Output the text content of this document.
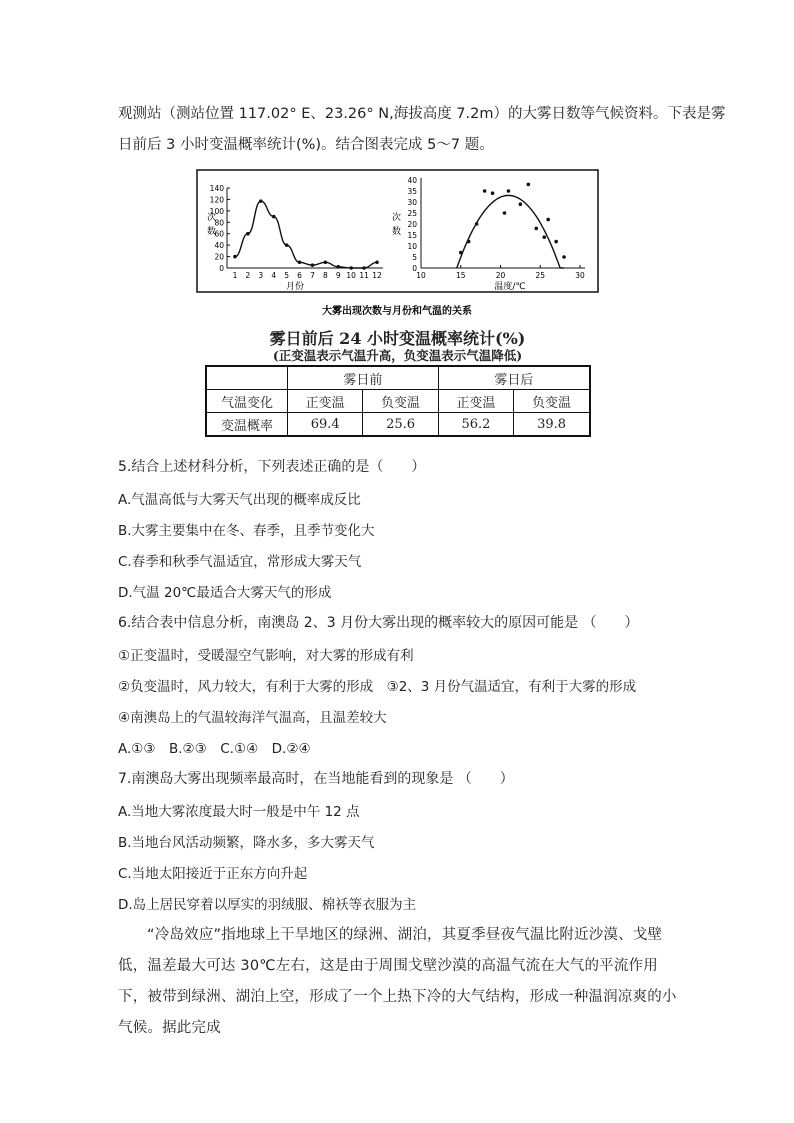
观测站（测站位置 117.02° E、23.26° N,海拔高度 7.2m）的大雾日数等气候资料。下表是雾
日前后 3 小时变温概率统计(%)。结合图表完成 5～7 题。
140
120
100
80
60
40
20
0
1 2 3 4 5 6 7 8 9 10 11 12
次
数
月份
40
35
30
25
20
15
10
5
0
10	15	20	25	30
次
数
温度/℃
大雾出现次数与月份和气温的关系
雾日前后 24 小时变温概率统计(%)
(正变温表示气温升高，负变温表示气温降低)
	雾日前		雾日后	
气温变化	正变温	负变温	正变温	负变温
变温概率	69.4	25.6	56.2	39.8
5.结合上述材科分析，下列表述正确的是（　　）
A.气温高低与大雾天气出现的概率成反比
B.大雾主要集中在冬、春季，且季节变化大
C.春季和秋季气温适宜，常形成大雾天气
D.气温 20℃最适合大雾天气的形成
6.结合表中信息分析，南澳岛 2、3 月份大雾出现的概率较大的原因可能是 （　　）
①正变温时，受暖湿空气影响，对大雾的形成有利
②负变温时，风力较大，有利于大雾的形成　③2、3 月份气温适宜，有利于大雾的形成
④南澳岛上的气温较海洋气温高，且温差较大
A.①③　B.②③　C.①④　D.②④
7.南澳岛大雾出现频率最高时，在当地能看到的现象是 （　　）
A.当地大雾浓度最大时一般是中午 12 点
B.当地台风活动频繁，降水多，多大雾天气
C.当地太阳接近于正东方向升起
D.岛上居民穿着以厚实的羽绒服、棉袄等衣服为主
“冷岛效应”指地球上干旱地区的绿洲、湖泊，其夏季昼夜气温比附近沙漠、戈壁低，温差最大可达 30℃左右，这是由于周围戈壁沙漠的高温气流在大气的平流作用下，被带到绿洲、湖泊上空，形成了一个上热下冷的大气结构，形成一种温润凉爽的小气候。据此完成
